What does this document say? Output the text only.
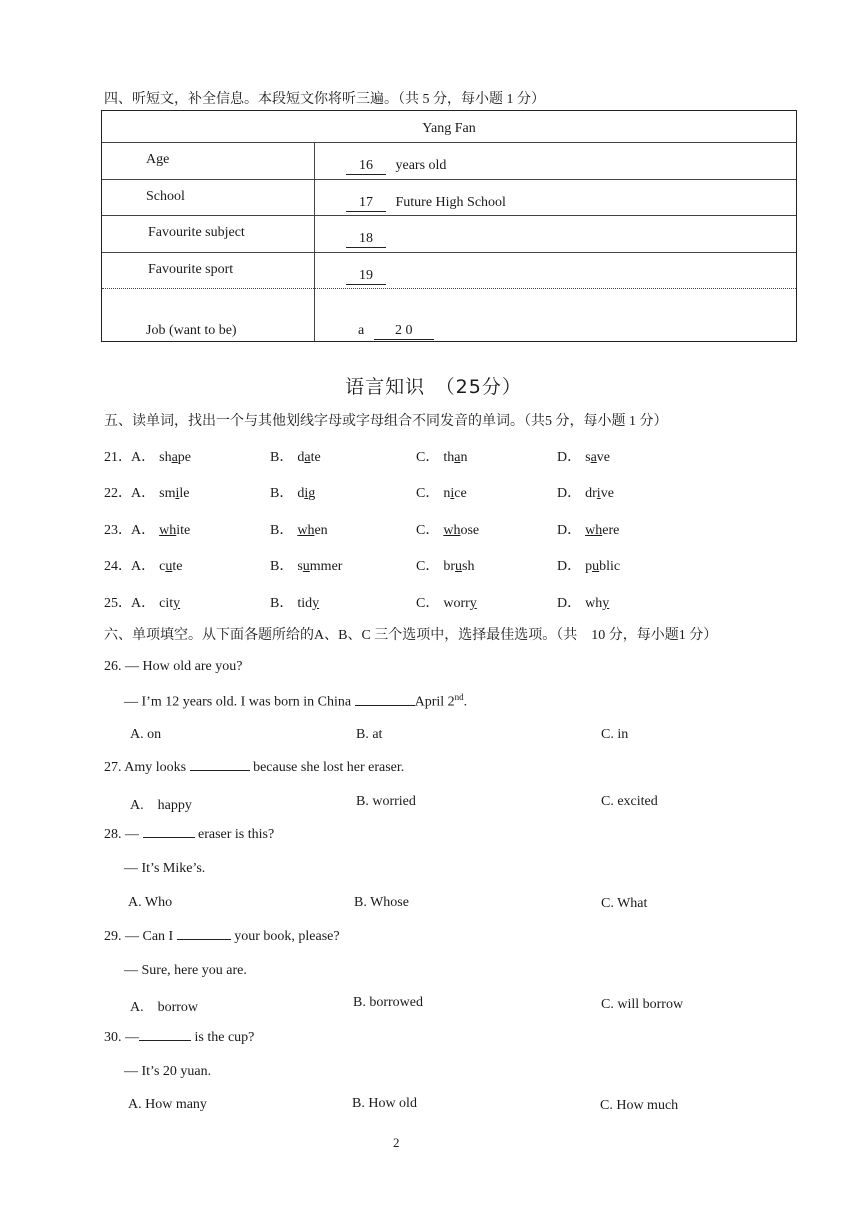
四、听短文，补全信息。本段短文你将听三遍。（共 5 分，每小题 1 分）
Yang Fan
Age	16 years old
School	17 Future High School
Favourite subject	18
Favourite sport	19
Job (want to be)	a 2 0
语言知识　（25分）
五、读单词，找出一个与其他划线字母或字母组合不同发音的单词。（共5 分，每小题 1 分）
21． A． shape	B． date	C． than	D． save
22． A． smile	B． dig	C． nice	D． drive
23． A． white	B． when	C． whose	D． where
24． A． cute	B． summer	C． brush	D． public
25． A． city	B． tidy	C． worry	D． why
六、单项填空。从下面各题所给的A、B、C 三个选项中，选择最佳选项。（共　10 分，每小题1 分）
26. — How old are you?
— I’m 12 years old. I was born in China	April 2nd.
A. on	B. at	C. in
27. Amy looks	because she lost her eraser.
A.　happy	B. worried	C. excited
28. —	eraser is this?
— It’s Mike’s.
A. Who	B. Whose	C. What
29. — Can I	your book, please?
— Sure, here you are.
A.　borrow	B. borrowed	C. will borrow
30. —	is the cup?
— It’s 20 yuan.
A. How many	B. How old	C. How much
2
